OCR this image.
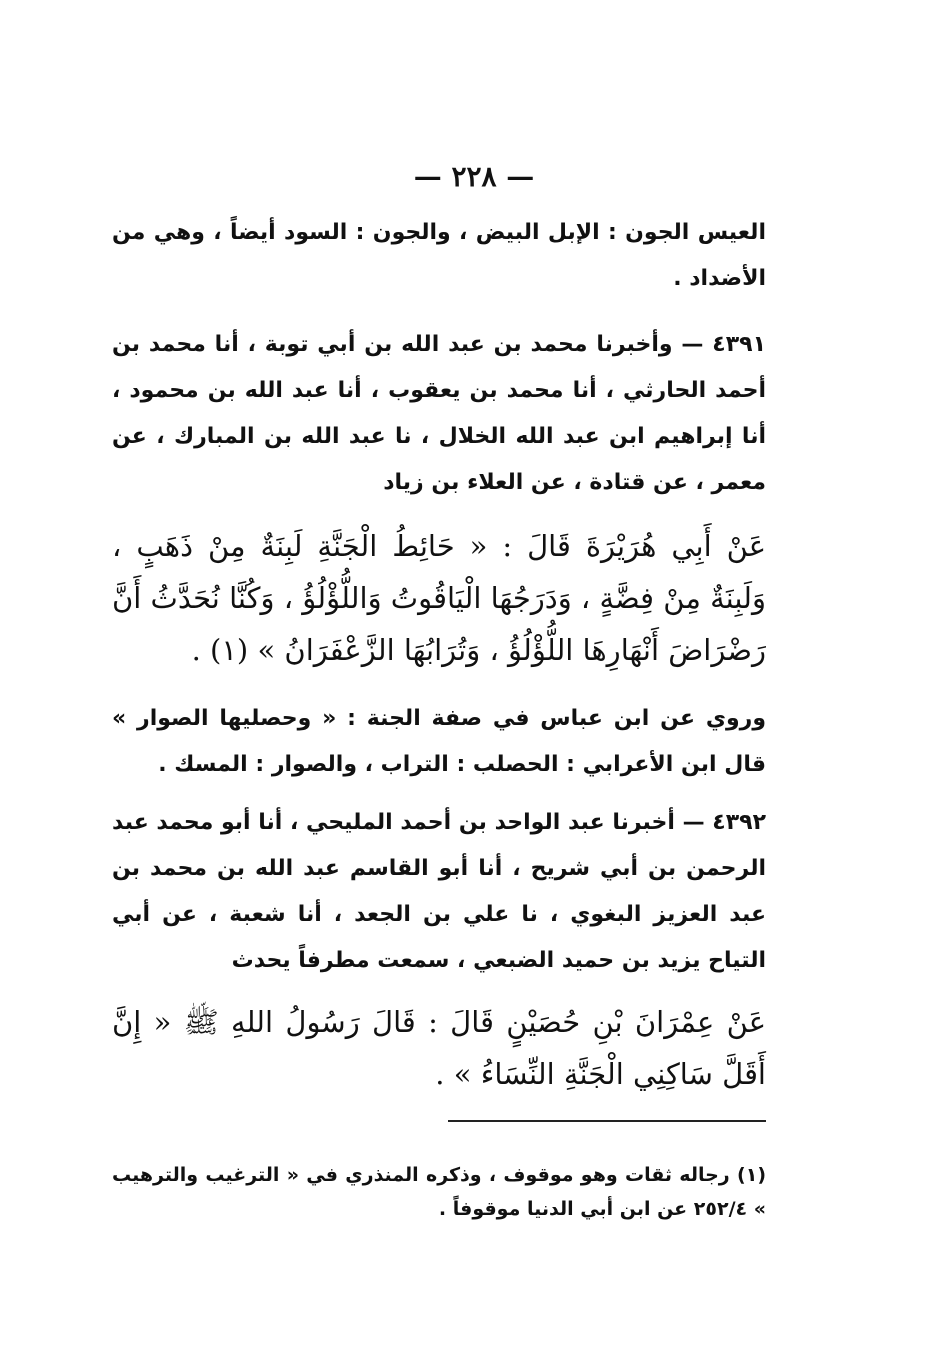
— ٢٢٨ —

العيس الجون : الإبل البيض ، والجون : السود أيضاً ، وهي من الأضداد .

٤٣٩١ — وأخبرنا محمد بن عبد الله بن أبي توبة ، أنا محمد بن أحمد الحارثي ، أنا محمد بن يعقوب ، أنا عبد الله بن محمود ، أنا إبراهيم ابن عبد الله الخلال ، نا عبد الله بن المبارك ، عن معمر ، عن قتادة ، عن العلاء بن زياد

عَنْ أَبِي هُرَيْرَةَ قَالَ : « حَائِطُ الْجَنَّةِ لَبِنَةٌ مِنْ ذَهَبٍ ، وَلَبِنَةٌ مِنْ فِضَّةٍ ، وَدَرَجُهَا الْيَاقُوتُ وَاللُّؤْلُؤُ ، وَكُنَّا نُحَدَّثُ أَنَّ رَضْرَاضَ أَنْهَارِهَا اللُّؤْلُؤُ ، وَتُرَابُهَا الزَّعْفَرَانُ » (١) .

وروي عن ابن عباس في صفة الجنة : « وحصليها الصوار » قال ابن الأعرابي : الحصلب : التراب ، والصوار : المسك .

٤٣٩٢ — أخبرنا عبد الواحد بن أحمد المليحي ، أنا أبو محمد عبد الرحمن بن أبي شريح ، أنا أبو القاسم عبد الله بن محمد بن عبد العزيز البغوي ، نا علي بن الجعد ، أنا شعبة ، عن أبي التياح يزيد بن حميد الضبعي ، سمعت مطرفاً يحدث

عَنْ عِمْرَانَ بْنِ حُصَيْنٍ قَالَ : قَالَ رَسُولُ اللهِ ﷺ « إِنَّ أَقَلَّ سَاكِنِي الْجَنَّةِ النِّسَاءُ » .

(١) رجاله ثقات وهو موقوف ، وذكره المنذري في « الترغيب والترهيب » ٢٥٢/٤ عن ابن أبي الدنيا موقوفاً .
